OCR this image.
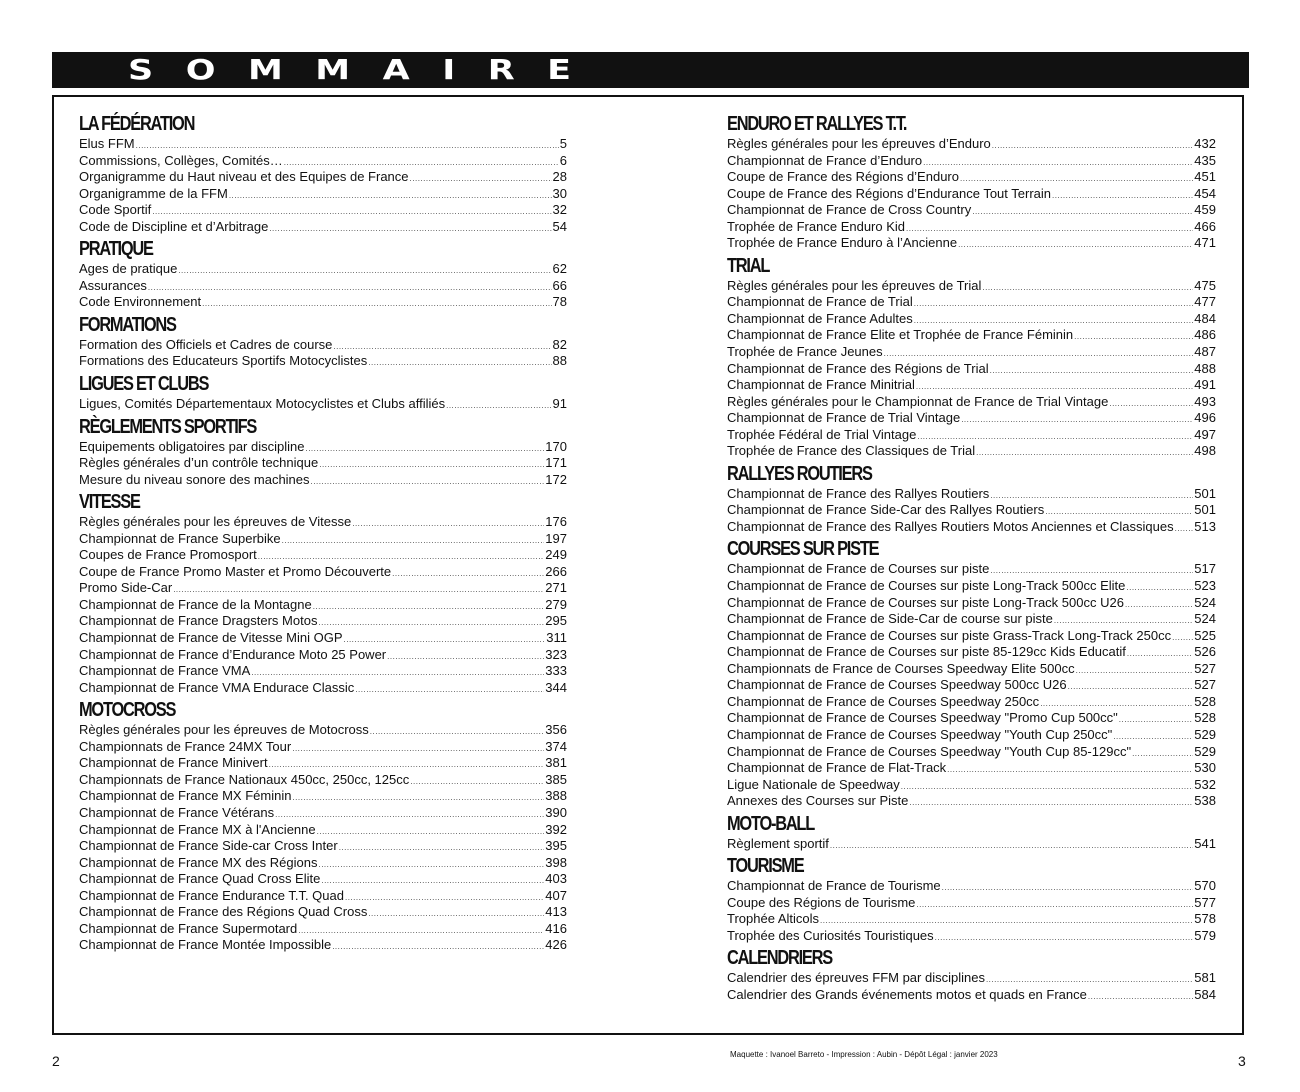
SOMMAIRE
LA FÉDÉRATION
Elus FFM .....	5
Commissions, Collèges, Comités… .....	6
Organigramme du Haut niveau et des Equipes de France .....	28
Organigramme de la FFM .....	30
Code Sportif .....	32
Code de Discipline et d’Arbitrage .....	54
PRATIQUE
Ages de pratique .....	62
Assurances .....	66
Code Environnement .....	78
FORMATIONS
Formation des Officiels et Cadres de course .....	82
Formations des Educateurs Sportifs Motocyclistes .....	88
LIGUES ET CLUBS
Ligues, Comités Départementaux Motocyclistes et Clubs affiliés .....	91
RÈGLEMENTS SPORTIFS
Equipements obligatoires par discipline .....	170
Règles générales d’un contrôle technique .....	171
Mesure du niveau sonore des machines .....	172
VITESSE
Règles générales pour les épreuves de Vitesse .....	176
Championnat de France Superbike .....	197
Coupes de France Promosport .....	249
Coupe de France Promo Master et Promo Découverte .....	266
Promo Side-Car .....	271
Championnat de France de la Montagne .....	279
Championnat de France Dragsters Motos .....	295
Championnat de France de Vitesse Mini OGP .....	311
Championnat de France d’Endurance Moto 25 Power .....	323
Championnat de France VMA .....	333
Championnat de France VMA Endurace Classic .....	344
MOTOCROSS
Règles générales pour les épreuves de Motocross .....	356
Championnats de France 24MX Tour .....	374
Championnat de France Minivert .....	381
Championnats de France Nationaux 450cc, 250cc, 125cc .....	385
Championnat de France MX Féminin .....	388
Championnat de France Vétérans .....	390
Championnat de France MX à l'Ancienne .....	392
Championnat de France Side-car Cross Inter .....	395
Championnat de France MX des Régions .....	398
Championnat de France Quad Cross Elite .....	403
Championnat de France Endurance T.T. Quad .....	407
Championnat de France des Régions Quad Cross .....	413
Championnat de France Supermotard .....	416
Championnat de France Montée Impossible .....	426
ENDURO ET RALLYES T.T.
Règles générales pour les épreuves d’Enduro .....	432
Championnat de France d’Enduro .....	435
Coupe de France des Régions d’Enduro .....	451
Coupe de France des Régions d’Endurance Tout Terrain .....	454
Championnat de France de Cross Country .....	459
Trophée de France Enduro Kid .....	466
Trophée de France Enduro à l’Ancienne .....	471
TRIAL
Règles générales pour les épreuves de Trial .....	475
Championnat de France de Trial .....	477
Championnat de France Adultes .....	484
Championnat de France Elite et Trophée de France Féminin .....	486
Trophée de France Jeunes .....	487
Championnat de France des Régions de Trial .....	488
Championnat de France Minitrial .....	491
Règles générales pour le Championnat de France de Trial Vintage .....	493
Championnat de France de Trial Vintage .....	496
Trophée Fédéral de Trial Vintage .....	497
Trophée de France des Classiques de Trial .....	498
RALLYES ROUTIERS
Championnat de France des Rallyes Routiers .....	501
Championnat de France Side-Car des Rallyes Routiers .....	501
Championnat de France des Rallyes Routiers Motos Anciennes et Classiques ..... 513
COURSES SUR PISTE
Championnat de France de Courses sur piste .....	517
Championnat de France de Courses sur piste Long-Track 500cc Elite .....	523
Championnat de France de Courses sur piste Long-Track 500cc U26 .....	524
Championnat de France de Side-Car de course sur piste .....	524
Championnat de France de Courses sur piste Grass-Track Long-Track 250cc ..... 525
Championnat de France de Courses sur piste 85-129cc Kids Educatif .....	526
Championnats de France de Courses Speedway Elite 500cc .....	527
Championnat de France de Courses Speedway 500cc U26 .....	527
Championnat de France de Courses Speedway 250cc .....	528
Championnat de France de Courses Speedway "Promo Cup 500cc" .....	528
Championnat de France de Courses Speedway "Youth Cup 250cc" .....	529
Championnat de France de Courses Speedway "Youth Cup 85-129cc" .....	529
Championnat de France de Flat-Track .....	530
Ligue Nationale de Speedway .....	532
Annexes des Courses sur Piste .....	538
MOTO-BALL
Règlement sportif .....	541
TOURISME
Championnat de France de Tourisme .....	570
Coupe des Régions de Tourisme .....	577
Trophée Alticols .....	578
Trophée des Curiosités Touristiques .....	579
CALENDRIERS
Calendrier des épreuves FFM par disciplines .....	581
Calendrier des Grands événements motos et quads en France .....	584
2	Maquette : Ivanoel Barreto - Impression : Aubin - Dépôt Légal : janvier 2023	3
